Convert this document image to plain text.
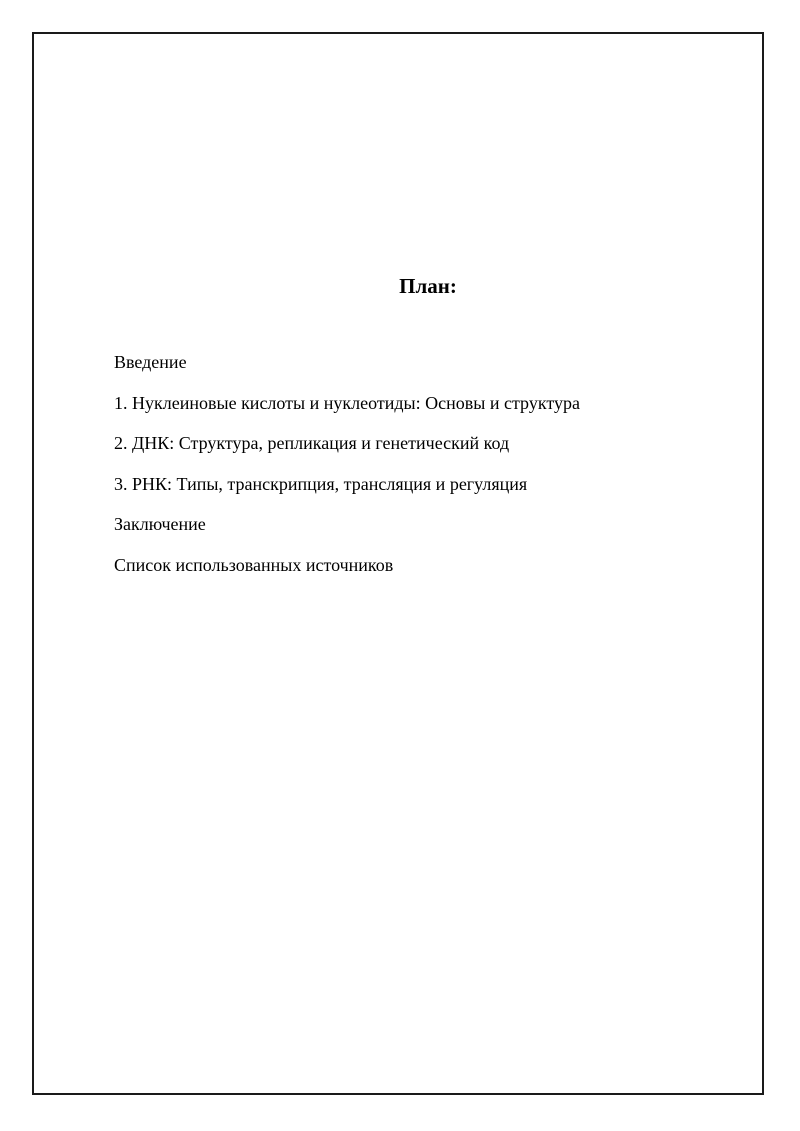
План:
Введение
1. Нуклеиновые кислоты и нуклеотиды: Основы и структура
2. ДНК: Структура, репликация и генетический код
3. РНК: Типы, транскрипция, трансляция и регуляция
Заключение
Список использованных источников
